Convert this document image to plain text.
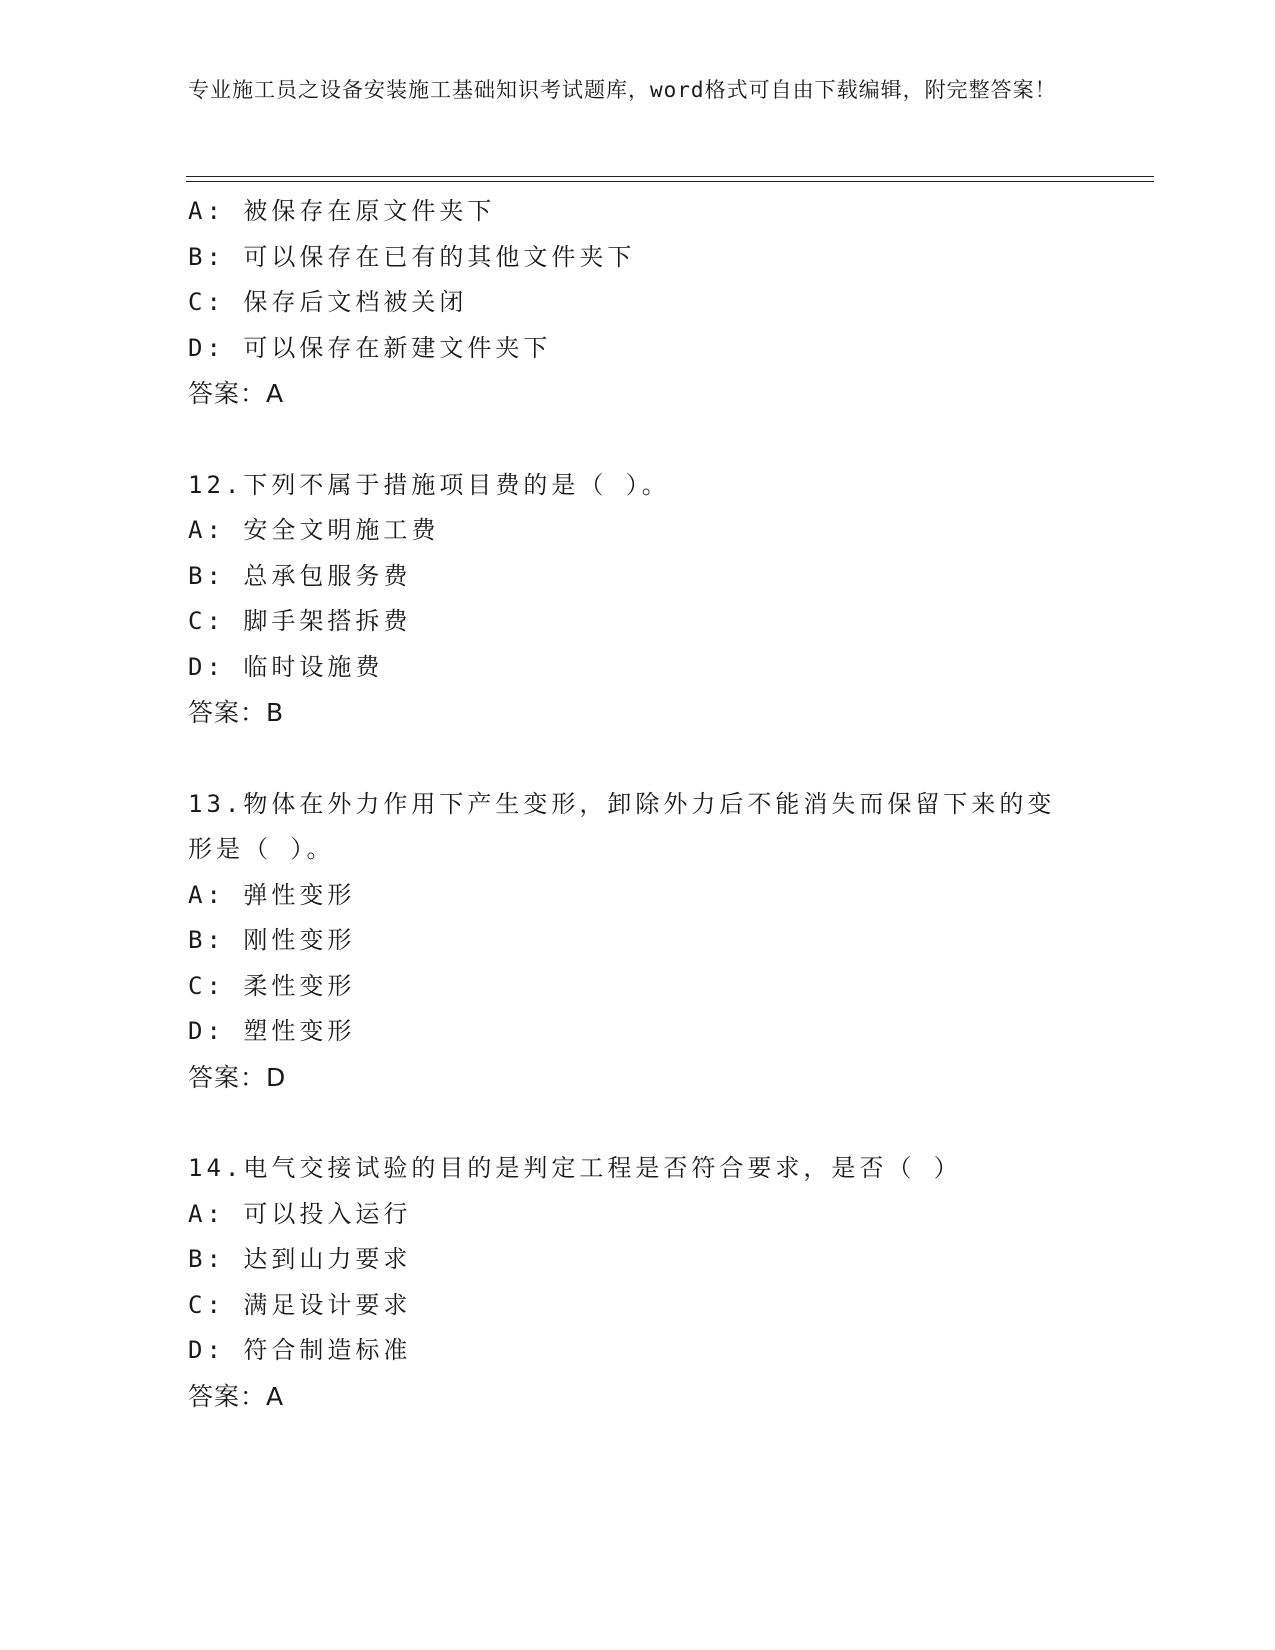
专业施工员之设备安装施工基础知识考试题库，word格式可自由下载编辑，附完整答案！
A: 被保存在原文件夹下
B: 可以保存在已有的其他文件夹下
C: 保存后文档被关闭
D: 可以保存在新建文件夹下
答案：A
12.下列不属于措施项目费的是（ ）。
A: 安全文明施工费
B: 总承包服务费
C: 脚手架搭拆费
D: 临时设施费
答案：B
13.物体在外力作用下产生变形，卸除外力后不能消失而保留下来的变形是（ ）。
A: 弹性变形
B: 刚性变形
C: 柔性变形
D: 塑性变形
答案：D
14.电气交接试验的目的是判定工程是否符合要求，是否（ ）
A: 可以投入运行
B: 达到山力要求
C: 满足设计要求
D: 符合制造标准
答案：A
